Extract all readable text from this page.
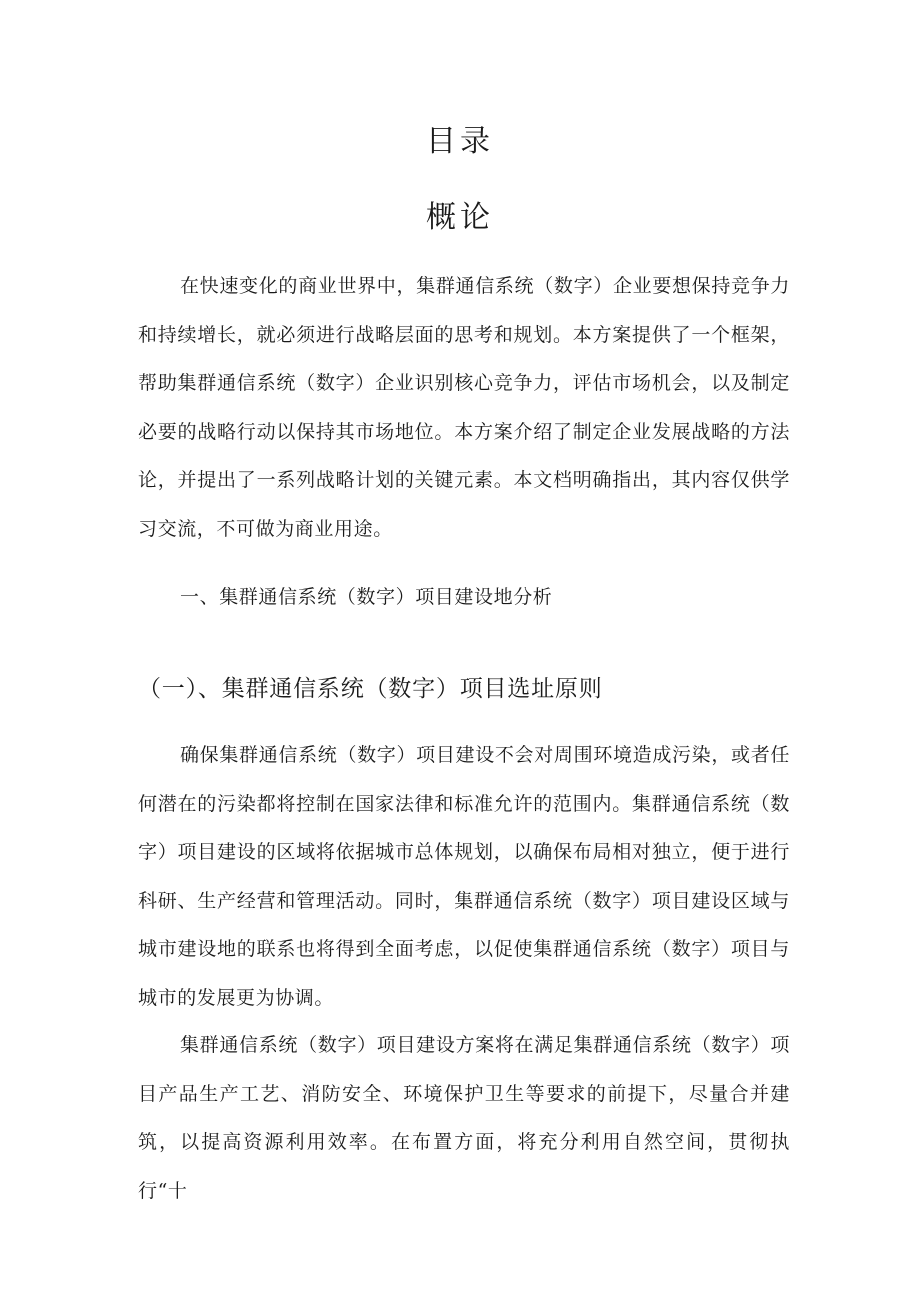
目录
概论

在快速变化的商业世界中，集群通信系统（数字）企业要想保持竞争力和持续增长，就必须进行战略层面的思考和规划。本方案提供了一个框架，帮助集群通信系统（数字）企业识别核心竞争力，评估市场机会，以及制定必要的战略行动以保持其市场地位。本方案介绍了制定企业发展战略的方法论，并提出了一系列战略计划的关键元素。本文档明确指出，其内容仅供学习交流，不可做为商业用途。

一、集群通信系统（数字）项目建设地分析

（一）、集群通信系统（数字）项目选址原则

确保集群通信系统（数字）项目建设不会对周围环境造成污染，或者任何潜在的污染都将控制在国家法律和标准允许的范围内。集群通信系统（数字）项目建设的区域将依据城市总体规划，以确保布局相对独立，便于进行科研、生产经营和管理活动。同时，集群通信系统（数字）项目建设区域与城市建设地的联系也将得到全面考虑，以促使集群通信系统（数字）项目与城市的发展更为协调。

集群通信系统（数字）项目建设方案将在满足集群通信系统（数字）项目产品生产工艺、消防安全、环境保护卫生等要求的前提下，尽量合并建筑，以提高资源利用效率。在布置方面，将充分利用自然空间，贯彻执行“十
